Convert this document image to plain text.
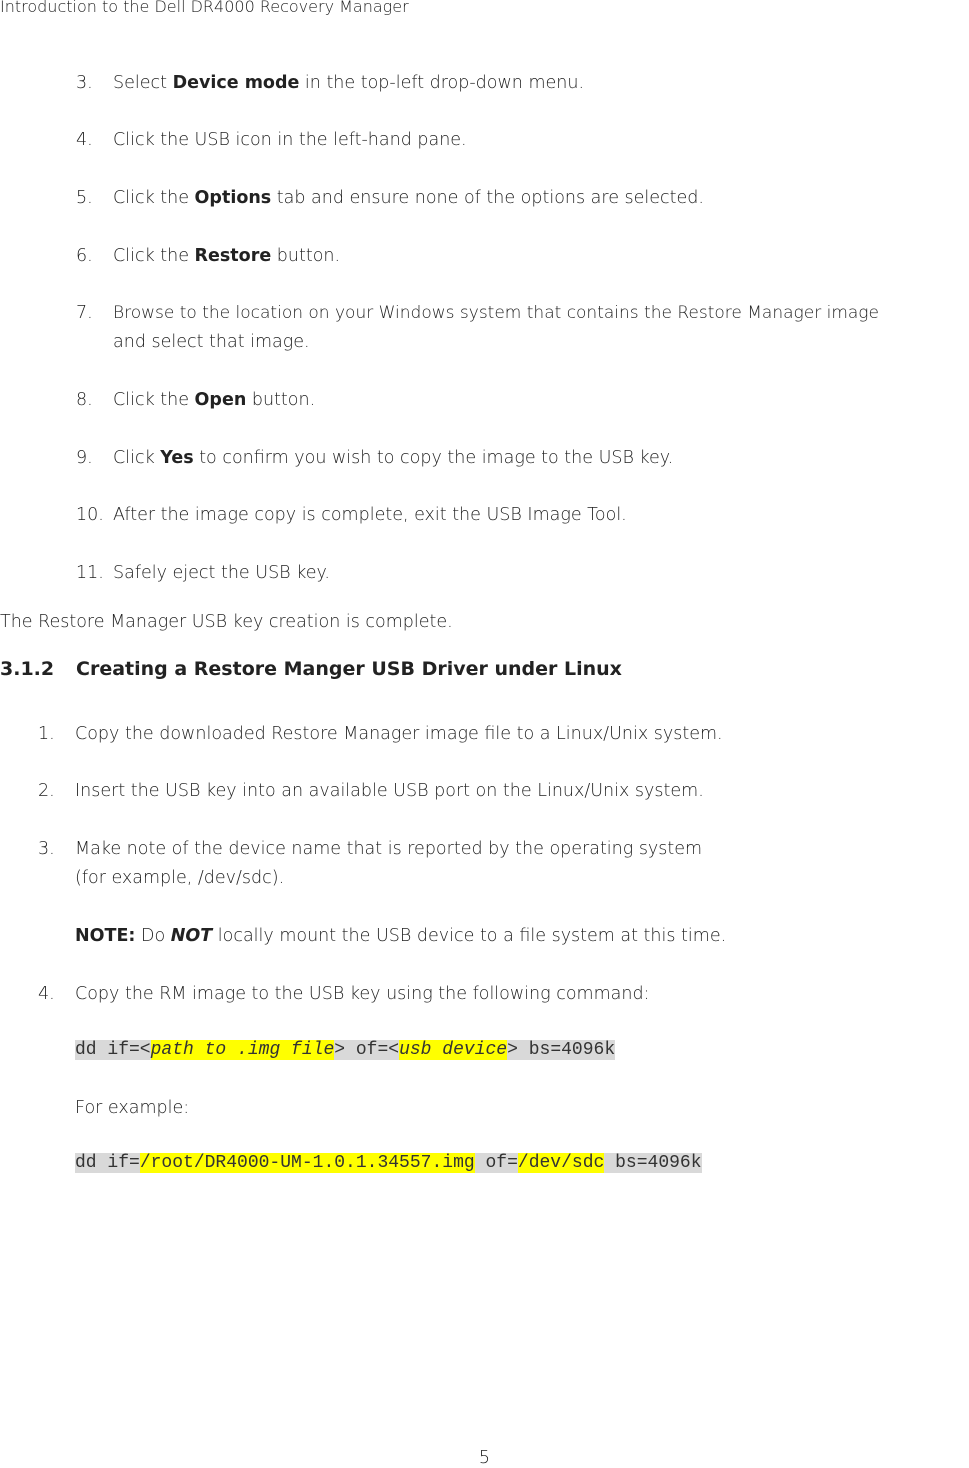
Introduction to the Dell DR4000 Recovery Manager
3. Select Device mode in the top-left drop-down menu.
4. Click the USB icon in the left-hand pane.
5. Click the Options tab and ensure none of the options are selected.
6. Click the Restore button.
7. Browse to the location on your Windows system that contains the Restore Manager image
and select that image.
8. Click the Open button.
9. Click Yes to confirm you wish to copy the image to the USB key.
10. After the image copy is complete, exit the USB Image Tool.
11. Safely eject the USB key.
The Restore Manager USB key creation is complete.
3.1.2 Creating a Restore Manger USB Driver under Linux
1. Copy the downloaded Restore Manager image file to a Linux/Unix system.
2. Insert the USB key into an available USB port on the Linux/Unix system.
3. Make note of the device name that is reported by the operating system
(for example, /dev/sdc).
NOTE: Do NOT locally mount the USB device to a file system at this time.
4. Copy the RM image to the USB key using the following command:
dd if=<path to .img file> of=<usb device> bs=4096k
For example:
dd if=/root/DR4000-UM-1.0.1.34557.img of=/dev/sdc bs=4096k
5
